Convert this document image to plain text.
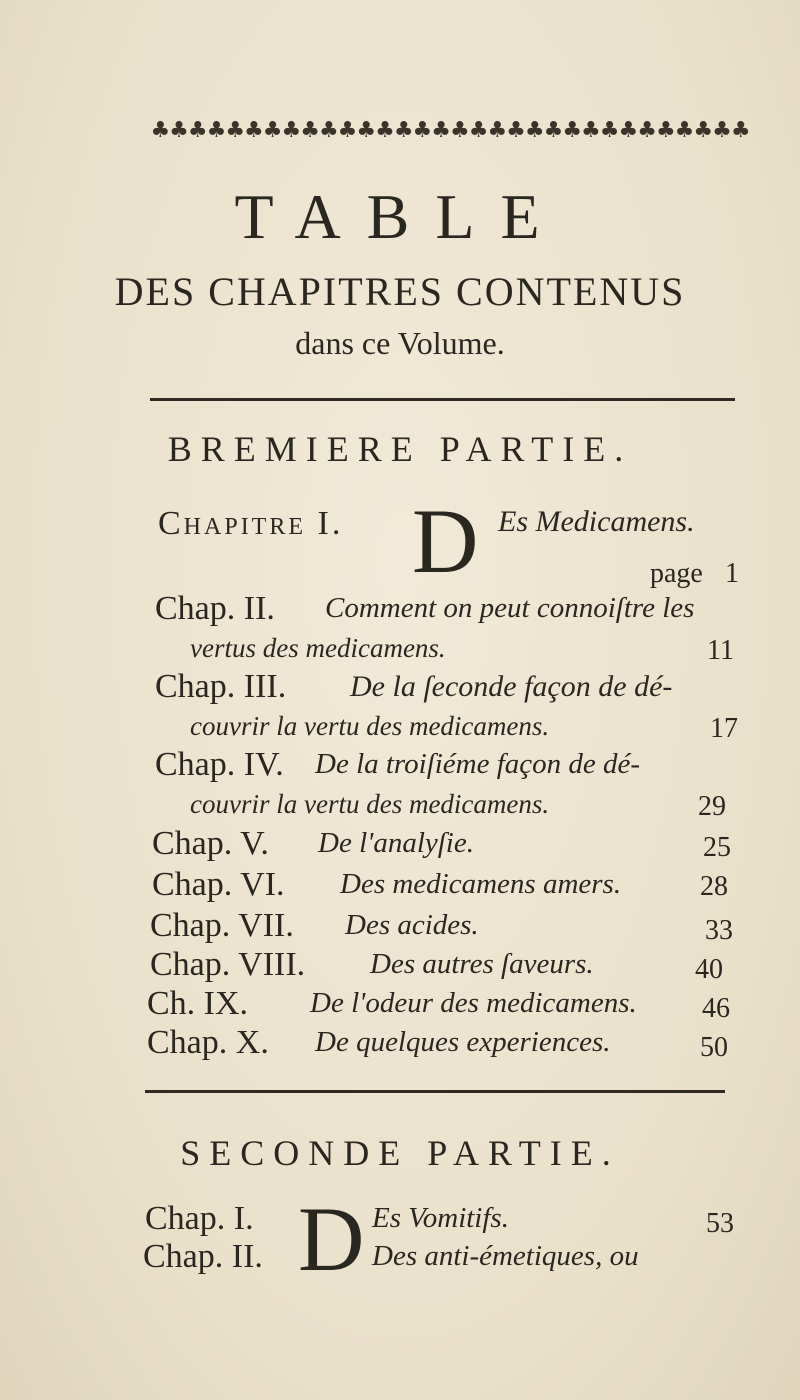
♣♣♣♣♣♣♣♣♣♣♣♣♣♣♣♣♣♣♣♣♣♣♣♣♣♣♣♣♣♣♣♣
TABLE
DES CHAPITRES CONTENUS
dans ce Volume.
BREMIERE PARTIE.
Chapitre I. D Es Medicamens.
page 1
Chap. II. Comment on peut connoiſtre les
vertus des medicamens.	11
Chap. III. De la ſeconde façon de dé-
couvrir la vertu des medicamens.	17
Chap. IV. De la troiſiéme façon de dé-
couvrir la vertu des medicamens.	29
Chap. V. De l'analyſie.	25
Chap. VI. Des medicamens amers.	28
Chap. VII. Des acides.	33
Chap. VIII. Des autres ſaveurs.	40
Ch. IX. De l'odeur des medicamens. 46
Chap. X. De quelques experiences.	50
SECONDE PARTIE.
Chap. I. D Es Vomitifs.	53
Chap. II.	Des anti-émetiques, ou
